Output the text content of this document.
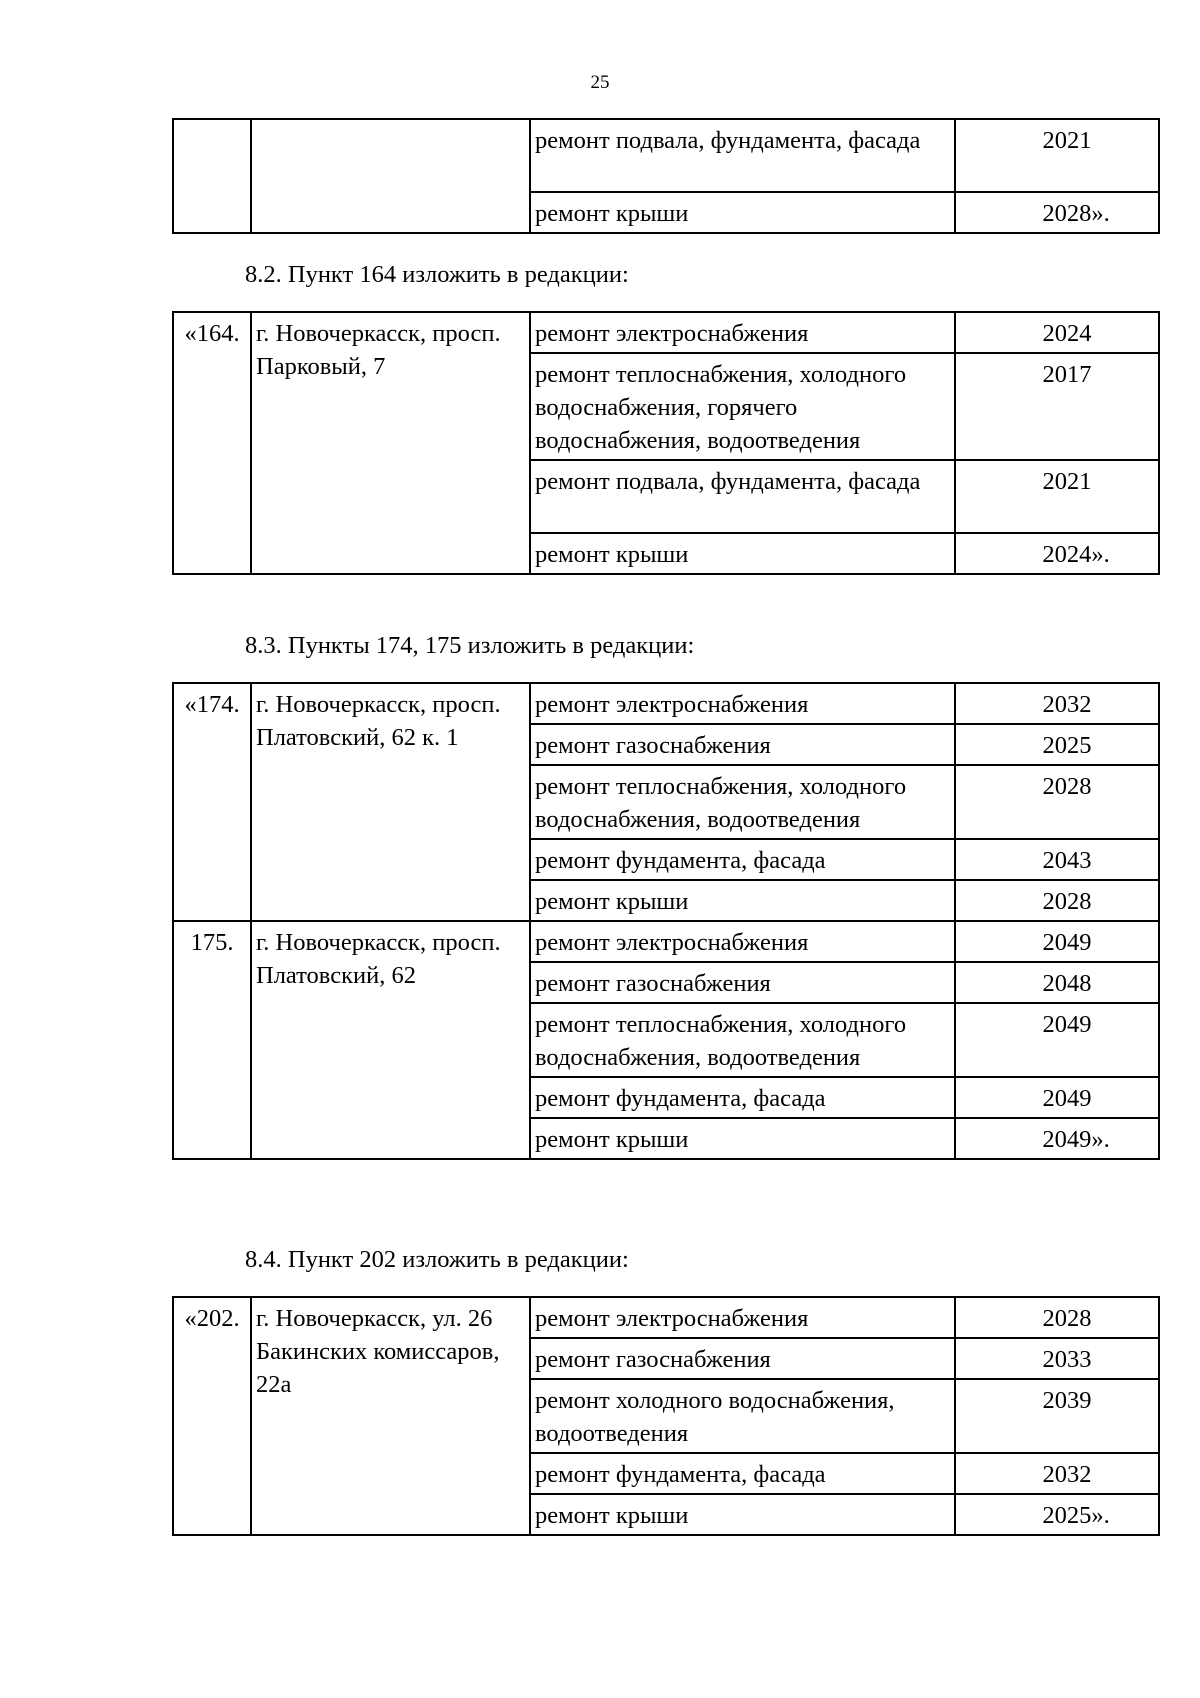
25
		ремонт подвала, фундамента, фасада	2021
		ремонт крыши	2028».
8.2. Пункт 164 изложить в редакции:
«164.	г. Новочеркасск, просп. Парковый, 7	ремонт электроснабжения	2024
		ремонт теплоснабжения, холодного водоснабжения, горячего водоснабжения, водоотведения	2017
		ремонт подвала, фундамента, фасада	2021
		ремонт крыши	2024».
8.3. Пункты 174, 175 изложить в редакции:
«174.	г. Новочеркасск, просп. Платовский, 62 к. 1	ремонт электроснабжения	2032
		ремонт газоснабжения	2025
		ремонт теплоснабжения, холодного водоснабжения, водоотведения	2028
		ремонт фундамента, фасада	2043
		ремонт крыши	2028
175.	г. Новочеркасск, просп. Платовский, 62	ремонт электроснабжения	2049
		ремонт газоснабжения	2048
		ремонт теплоснабжения, холодного водоснабжения, водоотведения	2049
		ремонт фундамента, фасада	2049
		ремонт крыши	2049».
8.4. Пункт 202 изложить в редакции:
«202.	г. Новочеркасск, ул. 26 Бакинских комиссаров, 22а	ремонт электроснабжения	2028
		ремонт газоснабжения	2033
		ремонт холодного водоснабжения, водоотведения	2039
		ремонт фундамента, фасада	2032
		ремонт крыши	2025».
